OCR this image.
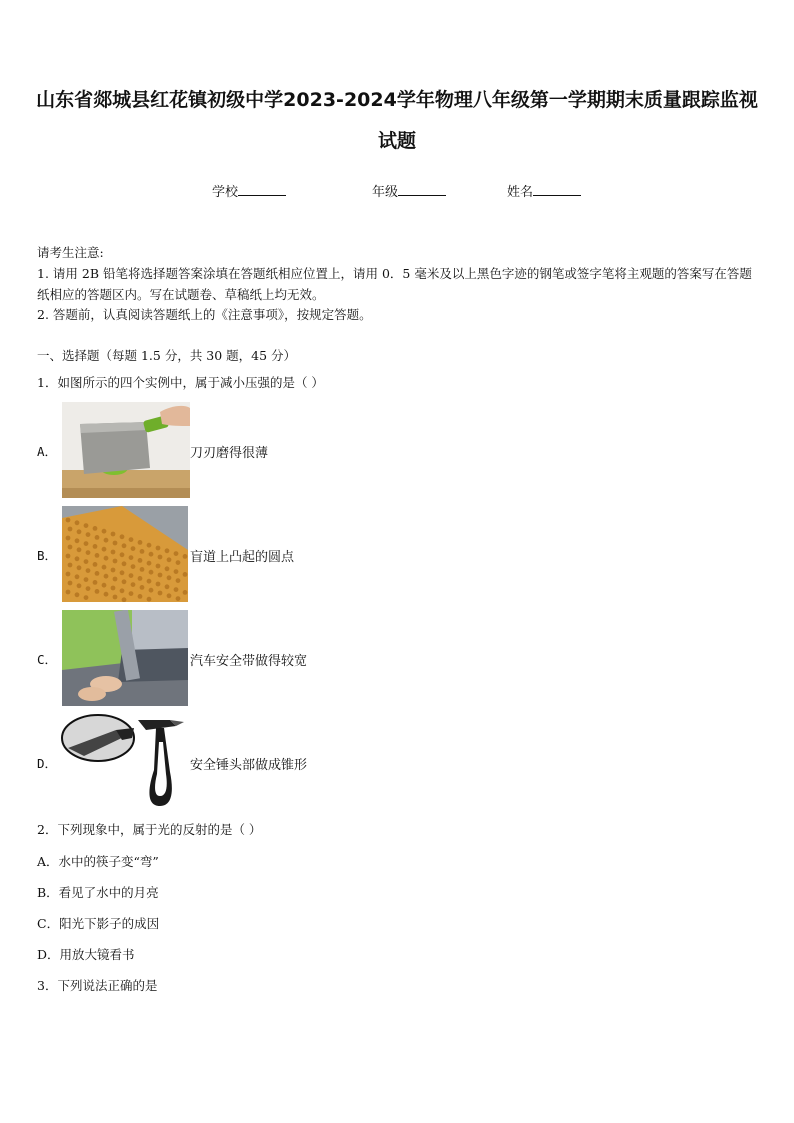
山东省郯城县红花镇初级中学2023-2024学年物理八年级第一学期期末质量跟踪监视
试题
学校	年级	姓名
请考生注意:
1. 请用 2B 铅笔将选择题答案涂填在答题纸相应位置上，请用 0．5 毫米及以上黑色字迹的钢笔或签字笔将主观题的答案写在答题纸相应的答题区内。写在试题卷、草稿纸上均无效。
2. 答题前，认真阅读答题纸上的《注意事项》，按规定答题。
一、选择题（每题 1.5 分，共 30 题，45 分）
1．如图所示的四个实例中，属于减小压强的是（ ）
A．	刀刃磨得很薄
B．	盲道上凸起的圆点
C．	汽车安全带做得较宽
D．	安全锤头部做成锥形
2．下列现象中，属于光的反射的是（ ）
A．水中的筷子变“弯”
B．看见了水中的月亮
C．阳光下影子的成因
D．用放大镜看书
3．下列说法正确的是
